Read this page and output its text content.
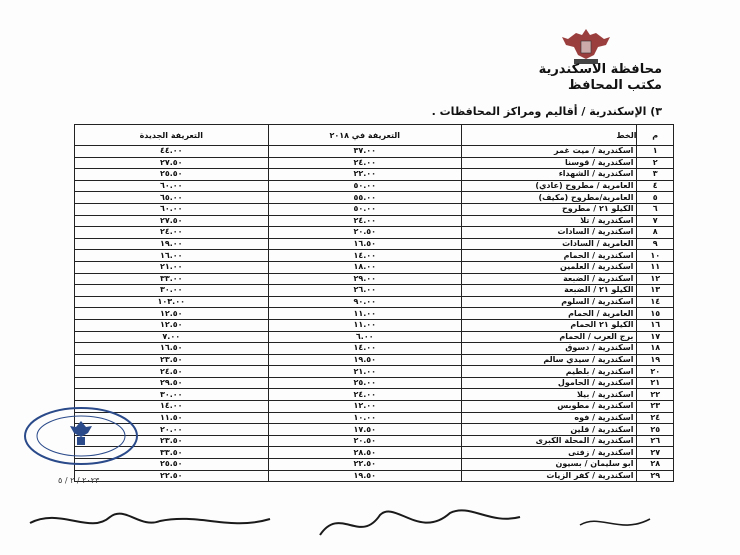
محافظة الاسكندرية
مكتب المحافظ
٣) الإسكندرية / أقاليم ومراكز المحافظات .
م	الخط	التعريفة في ٢٠١٨	التعريفة الجديدة
١	اسكندرية / ميت غمر	٣٧.٠٠	٤٤.٠٠
٢	اسكندرية / قوسنا	٢٤.٠٠	٢٧.٥٠
٣	اسكندرية / الشهداء	٢٢.٠٠	٢٥.٥٠
٤	العامرية / مطروح (عادي)	٥٠.٠٠	٦٠.٠٠
٥	العامرية/مطروح (مكيف)	٥٥.٠٠	٦٥.٠٠
٦	الكيلو ٢١ / مطروح	٥٠.٠٠	٦٠.٠٠
٧	اسكندرية / تلا	٢٤.٠٠	٢٧.٥٠
٨	اسكندرية / السادات	٢٠.٥٠	٢٤.٠٠
٩	العامرية / السادات	١٦.٥٠	١٩.٠٠
١٠	اسكندرية / الحمام	١٤.٠٠	١٦.٠٠
١١	اسكندرية / العلمين	١٨.٠٠	٢١.٠٠
١٢	اسكندرية / الضبعة	٢٩.٠٠	٣٣.٠٠
١٣	الكيلو ٢١ / الضبعة	٢٦.٠٠	٣٠.٠٠
١٤	اسكندرية / السلوم	٩٠.٠٠	١٠٣.٠٠
١٥	العامرية / الحمام	١١.٠٠	١٢.٥٠
١٦	الكيلو ٢١ الحمام	١١.٠٠	١٢.٥٠
١٧	برج العرب / الحمام	٦.٠٠	٧.٠٠
١٨	اسكندرية / دسوق	١٤.٠٠	١٦.٥٠
١٩	اسكندرية / سيدي سالم	١٩.٥٠	٢٣.٥٠
٢٠	اسكندرية / بلطيم	٢١.٠٠	٢٤.٥٠
٢١	اسكندرية / الحامول	٢٥.٠٠	٢٩.٥٠
٢٢	اسكندرية / بيلا	٢٤.٠٠	٣٠.٠٠
٢٣	اسكندرية / مطوبس	١٢.٠٠	١٤.٠٠
٢٤	اسكندرية / فوه	١٠.٠٠	١١.٥٠
٢٥	اسكندرية / قلين	١٧.٥٠	٢٠.٠٠
٢٦	اسكندرية / المحلة الكبرى	٢٠.٥٠	٢٣.٥٠
٢٧	اسكندرية / زفتى	٢٨.٥٠	٣٣.٥٠
٢٨	ابو سليمان / بسيون	٢٢.٥٠	٢٥.٥٠
٢٩	اسكندرية / كفر الزيات	١٩.٥٠	٢٢.٥٠
٢٠٢٣ / ٢ / ٥
